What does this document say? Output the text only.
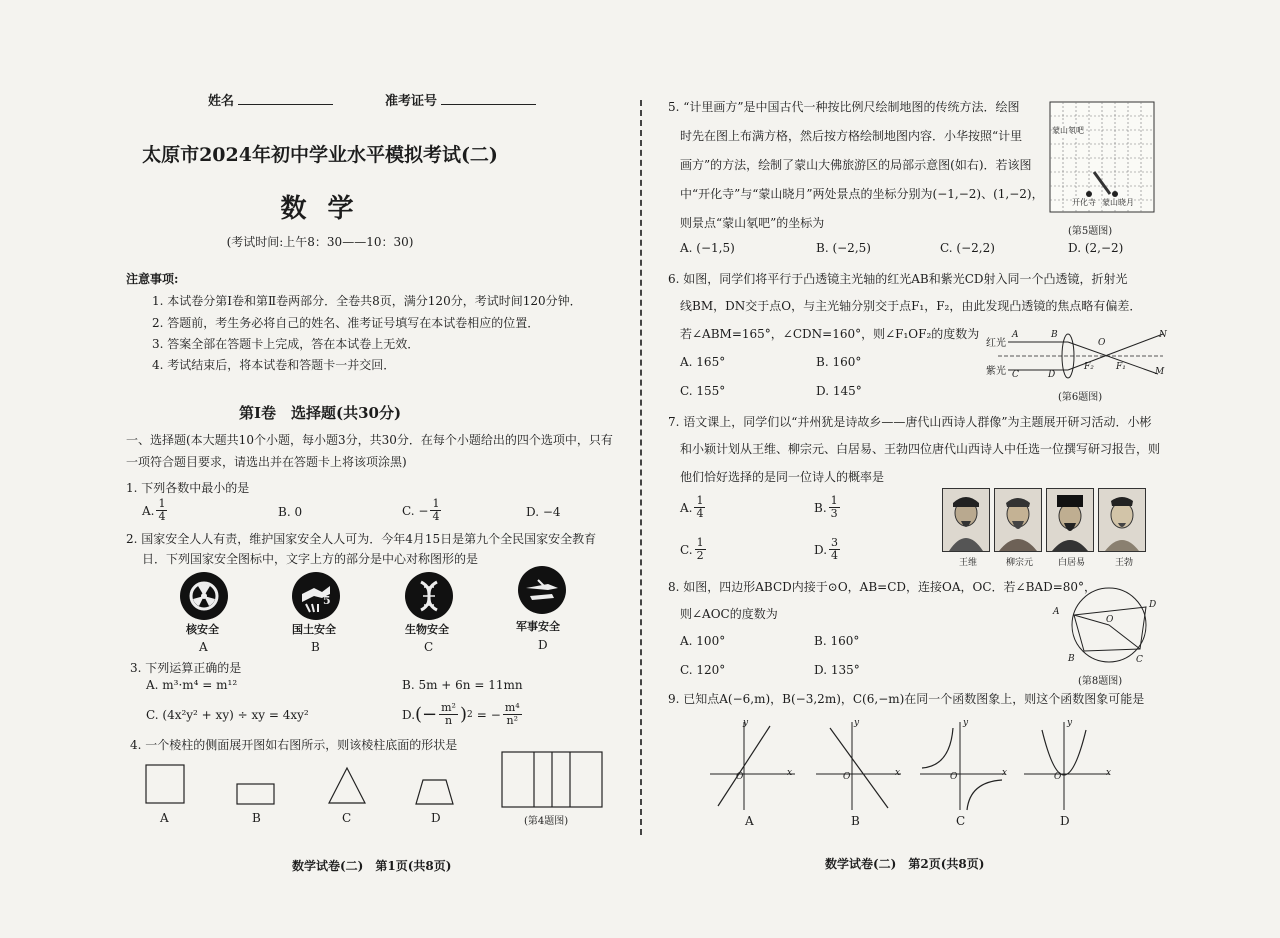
姓名	准考证号
太原市2024年初中学业水平模拟考试(二)
数 学
(考试时间:上午8：30——10：30)
注意事项:
1. 本试卷分第Ⅰ卷和第Ⅱ卷两部分．全卷共8页，满分120分，考试时间120分钟．
2. 答题前，考生务必将自己的姓名、准考证号填写在本试卷相应的位置．
3. 答案全部在答题卡上完成，答在本试卷上无效．
4. 考试结束后，将本试卷和答题卡一并交回．
第Ⅰ卷　选择题(共30分)
一、选择题(本大题共10个小题，每小题3分，共30分．在每个小题给出的四个选项中，只有
一项符合题目要求，请选出并在答题卡上将该项涂黑)
1. 下列各数中最小的是
A. $\frac{1}{4}$	B. 0	C. − $\frac{1}{4}$	D. −4
2. 国家安全人人有责，维护国家安全人人可为．今年4月15日是第九个全民国家安全教育
日．下列国家安全图标中，文字上方的部分是中心对称图形的是
核安全
A
5
国土安全
B
生物安全
C
军事安全
D
3. 下列运算正确的是
A. m³·m⁴ = m¹²	B. 5m + 6n = 11mn
C. (4x²y² + xy) ÷ xy = 4xy²	D. (− $\frac{\text{m²}}{n}$ ) 2 = − $\frac{\text{m⁴}}{\text{n²}}$
4. 一个棱柱的侧面展开图如右图所示，则该棱柱底面的形状是
A	B	C	D	(第4题图)
数学试卷(二)　第1页(共8页)
5. “计里画方”是中国古代一种按比例尺绘制地图的传统方法．绘图
时先在图上布满方格，然后按方格绘制地图内容．小华按照“计里
画方”的方法，绘制了蒙山大佛旅游区的局部示意图(如右)．若该图
中“开化寺”与“蒙山晓月”两处景点的坐标分别为(−1,−2)、(1,−2)，
则景点“蒙山氡吧”的坐标为
蒙山氡吧
开化寺 蒙山晓月
(第5题图)
A. (−1,5)	B. (−2,5)	C. (−2,2)	D. (2,−2)
6. 如图，同学们将平行于凸透镜主光轴的红光AB和紫光CD射入同一个凸透镜，折射光
线BM，DN交于点O，与主光轴分别交于点F₁，F₂，由此发现凸透镜的焦点略有偏差．
若∠ABM=165°，∠CDN=160°，则∠F₁OF₂的度数为
A. 165°	B. 160°
C. 155°	D. 145°
红光
紫光
A
C
B
D
O
F₂ F₁
N
M
(第6题图)
7. 语文课上，同学们以“并州犹是诗故乡——唐代山西诗人群像”为主题展开研习活动．小彬
和小颖计划从王维、柳宗元、白居易、王勃四位唐代山西诗人中任选一位撰写研习报告，则
他们恰好选择的是同一位诗人的概率是
A. $\frac{1}{4}$	B. $\frac{1}{3}$
C. $\frac{1}{2}$	D. $\frac{3}{4}$
王维	柳宗元	白居易	王勃
8. 如图，四边形ABCD内接于⊙O，AB=CD，连接OA，OC．若∠BAD=80°，
则∠AOC的度数为
A. 100°	B. 160°
C. 120°	D. 135°
A
D
O
B	C
(第8题图)
9. 已知点A(−6,m)，B(−3,2m)，C(6,−m)在同一个函数图象上，则这个函数图象可能是
y
x
O
y
x
O
y
x
O
y
x
O
A	B	C	D
数学试卷(二)　第2页(共8页)
